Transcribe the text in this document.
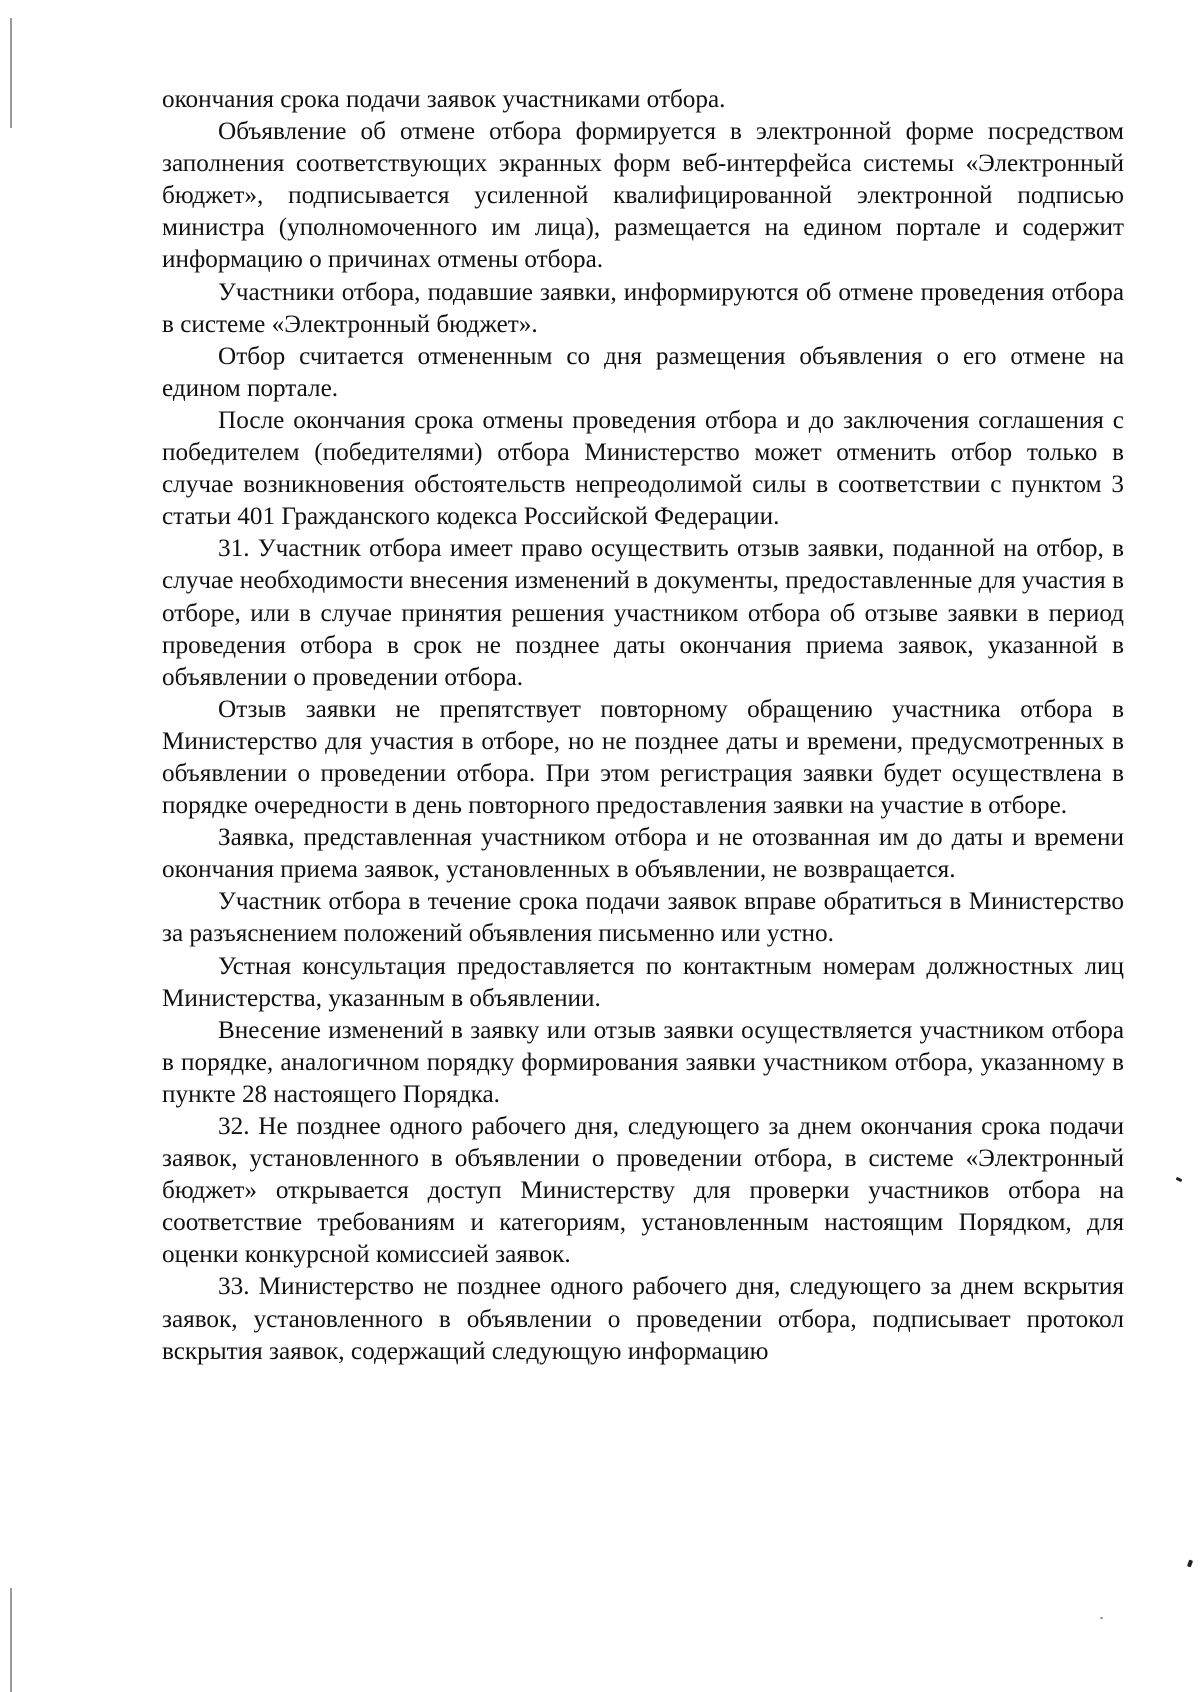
окончания срока подачи заявок участниками отбора.

Объявление об отмене отбора формируется в электронной форме посредством заполнения соответствующих экранных форм веб-интерфейса системы «Электронный бюджет», подписывается усиленной квалифицированной электронной подписью министра (уполномоченного им лица), размещается на едином портале и содержит информацию о причинах отмены отбора.

Участники отбора, подавшие заявки, информируются об отмене проведения отбора в системе «Электронный бюджет».

Отбор считается отмененным со дня размещения объявления о его отмене на едином портале.

После окончания срока отмены проведения отбора и до заключения соглашения с победителем (победителями) отбора Министерство может отменить отбор только в случае возникновения обстоятельств непреодолимой силы в соответствии с пунктом 3 статьи 401 Гражданского кодекса Российской Федерации.

31. Участник отбора имеет право осуществить отзыв заявки, поданной на отбор, в случае необходимости внесения изменений в документы, предоставленные для участия в отборе, или в случае принятия решения участником отбора об отзыве заявки в период проведения отбора в срок не позднее даты окончания приема заявок, указанной в объявлении о проведении отбора.

Отзыв заявки не препятствует повторному обращению участника отбора в Министерство для участия в отборе, но не позднее даты и времени, предусмотренных в объявлении о проведении отбора. При этом регистрация заявки будет осуществлена в порядке очередности в день повторного предоставления заявки на участие в отборе.

Заявка, представленная участником отбора и не отозванная им до даты и времени окончания приема заявок, установленных в объявлении, не возвращается.

Участник отбора в течение срока подачи заявок вправе обратиться в Министерство за разъяснением положений объявления письменно или устно.

Устная консультация предоставляется по контактным номерам должностных лиц Министерства, указанным в объявлении.

Внесение изменений в заявку или отзыв заявки осуществляется участником отбора в порядке, аналогичном порядку формирования заявки участником отбора, указанному в пункте 28 настоящего Порядка.

32. Не позднее одного рабочего дня, следующего за днем окончания срока подачи заявок, установленного в объявлении о проведении отбора, в системе «Электронный бюджет» открывается доступ Министерству для проверки участников отбора на соответствие требованиям и категориям, установленным настоящим Порядком, для оценки конкурсной комиссией заявок.

33. Министерство не позднее одного рабочего дня, следующего за днем вскрытия заявок, установленного в объявлении о проведении отбора, подписывает протокол вскрытия заявок, содержащий следующую информацию
